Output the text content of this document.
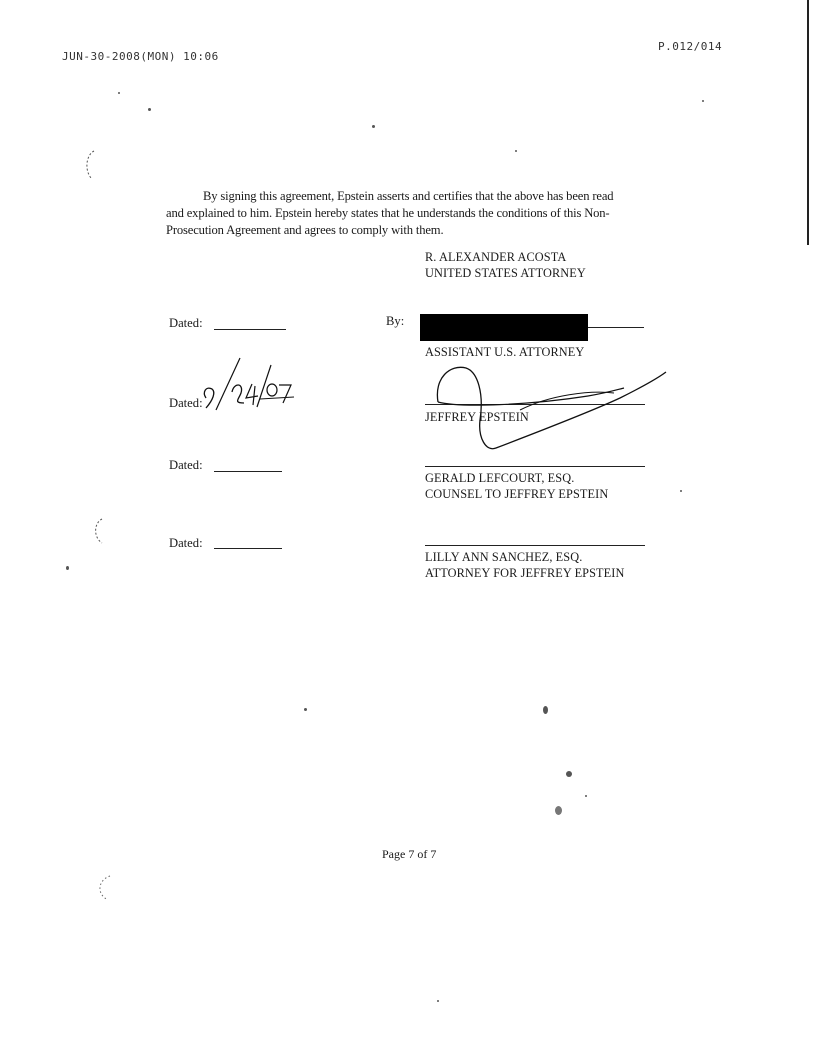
JUN-30-2008(MON) 10:06
P.012/014
By signing this agreement, Epstein asserts and certifies that the above has been read
and explained to him. Epstein hereby states that he understands the conditions of this Non-
Prosecution Agreement and agrees to comply with them.
R. ALEXANDER ACOSTA
UNITED STATES ATTORNEY
Dated:	By:
ASSISTANT U.S. ATTORNEY
Dated:
JEFFREY EPSTEIN
Dated:
GERALD LEFCOURT, ESQ.
COUNSEL TO JEFFREY EPSTEIN
Dated:
LILLY ANN SANCHEZ, ESQ.
ATTORNEY FOR JEFFREY EPSTEIN
Page 7 of 7
